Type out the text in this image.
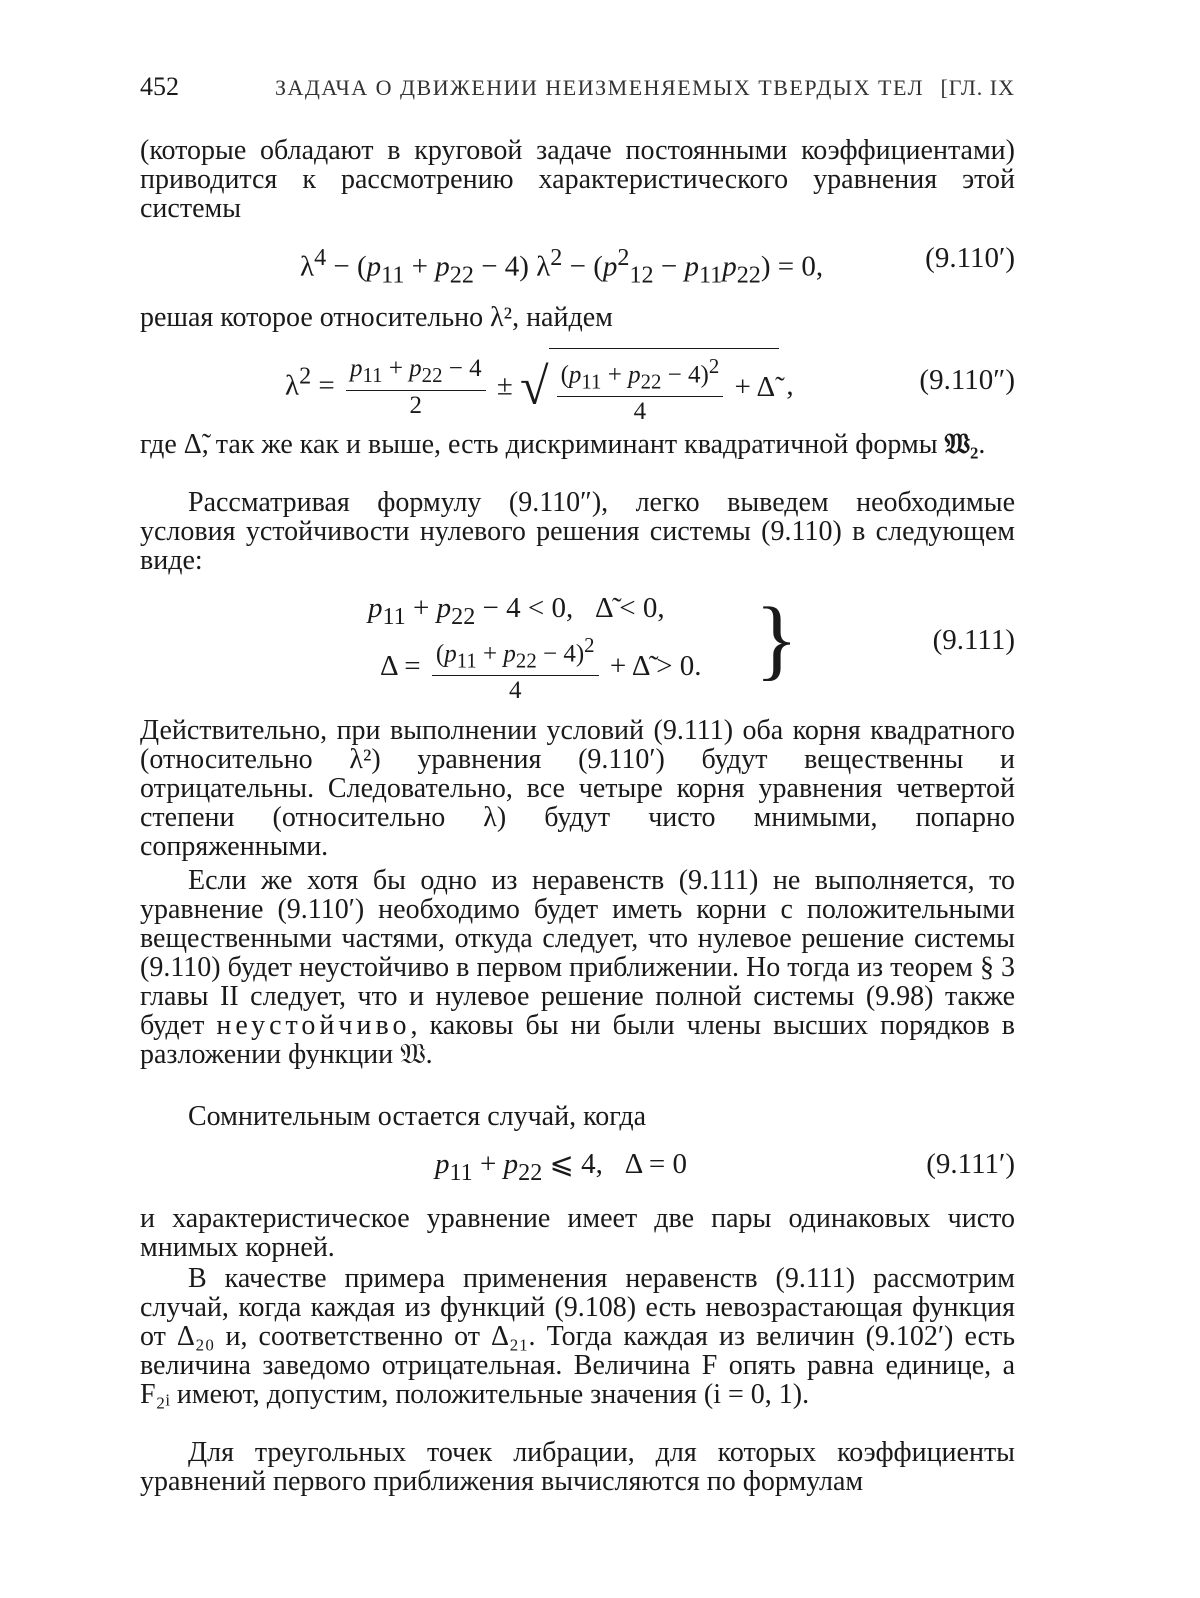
452	ЗАДАЧА О ДВИЖЕНИИ НЕИЗМЕНЯЕМЫХ ТВЕРДЫХ ТЕЛ [ГЛ. IX
(которые обладают в круговой задаче постоянными коэффициентами) приводится к рассмотрению характеристического уравнения этой системы
$\lambda^4 - (p_{11} + p_{22} - 4) \lambda^2 - (p^2_{12} - p_{11}p_{22}) = 0$,	(9.110′)
решая которое относительно λ², найдем
$\lambda^2 = \frac{p_{11} + p_{22} - 4}{2}$ ± √ $\frac{(p_{11} + p_{22} - 4)^2}{4}$ + Δ̃ ,	(9.110″)
где Δ̃, так же как и выше, есть дискриминант квадратичной формы 𝔚₂.
Рассматривая формулу (9.110″), легко выведем необходимые условия устойчивости нулевого решения системы (9.110) в следующем виде:
$p_{11} + p_{22} - 4 < 0$,   Δ̃ < 0,
$\Delta = \frac{(p_{11} + p_{22} - 4)^2}{4}$ + Δ̃ > 0. }	(9.111)
Действительно, при выполнении условий (9.111) оба корня квадратного (относительно λ²) уравнения (9.110′) будут вещественны и отрицательны. Следовательно, все четыре корня уравнения четвертой степени (относительно λ) будут чисто мнимыми, попарно сопряженными.
Если же хотя бы одно из неравенств (9.111) не выполняется, то уравнение (9.110′) необходимо будет иметь корни с положительными вещественными частями, откуда следует, что нулевое решение системы (9.110) будет неустойчиво в первом приближении. Но тогда из теорем § 3 главы II следует, что и нулевое решение полной системы (9.98) также будет неустойчиво, каковы бы ни были члены высших порядков в разложении функции 𝔚.
Сомнительным остается случай, когда
$p_{11} + p_{22}$ ⩽ 4,   Δ = 0	(9.111′)
и характеристическое уравнение имеет две пары одинаковых чисто мнимых корней.
В качестве примера применения неравенств (9.111) рассмотрим случай, когда каждая из функций (9.108) есть невозрастающая функция от Δ₂₀ и, соответственно от Δ₂₁. Тогда каждая из величин (9.102′) есть величина заведомо отрицательная. Величина F опять равна единице, а F₂ᵢ имеют, допустим, положительные значения (i = 0, 1).
Для треугольных точек либрации, для которых коэффициенты уравнений первого приближения вычисляются по формулам
